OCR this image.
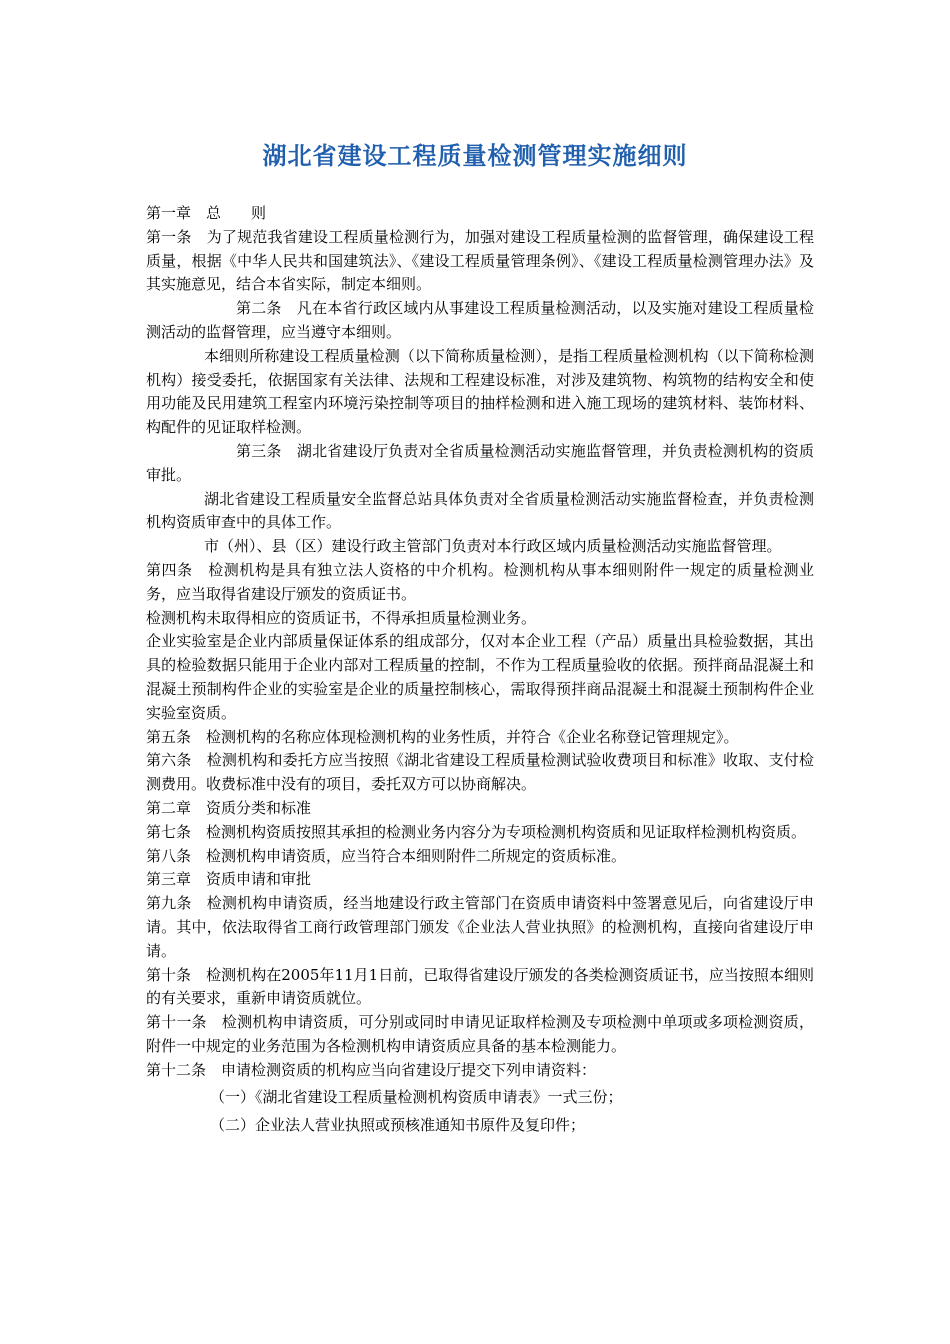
湖北省建设工程质量检测管理实施细则

第一章　总　　则

第一条　为了规范我省建设工程质量检测行为，加强对建设工程质量检测的监督管理，确保建设工程质量，根据《中华人民共和国建筑法》、《建设工程质量管理条例》、《建设工程质量检测管理办法》及其实施意见，结合本省实际，制定本细则。

第二条　凡在本省行政区域内从事建设工程质量检测活动，以及实施对建设工程质量检测活动的监督管理，应当遵守本细则。

本细则所称建设工程质量检测（以下简称质量检测），是指工程质量检测机构（以下简称检测机构）接受委托，依据国家有关法律、法规和工程建设标准，对涉及建筑物、构筑物的结构安全和使用功能及民用建筑工程室内环境污染控制等项目的抽样检测和进入施工现场的建筑材料、装饰材料、构配件的见证取样检测。

第三条　湖北省建设厅负责对全省质量检测活动实施监督管理，并负责检测机构的资质审批。

湖北省建设工程质量安全监督总站具体负责对全省质量检测活动实施监督检查，并负责检测机构资质审查中的具体工作。

市（州）、县（区）建设行政主管部门负责对本行政区域内质量检测活动实施监督管理。

第四条　检测机构是具有独立法人资格的中介机构。检测机构从事本细则附件一规定的质量检测业务，应当取得省建设厅颁发的资质证书。

检测机构未取得相应的资质证书，不得承担质量检测业务。

企业实验室是企业内部质量保证体系的组成部分，仅对本企业工程（产品）质量出具检验数据，其出具的检验数据只能用于企业内部对工程质量的控制，不作为工程质量验收的依据。预拌商品混凝土和混凝土预制构件企业的实验室是企业的质量控制核心，需取得预拌商品混凝土和混凝土预制构件企业实验室资质。

第五条　检测机构的名称应体现检测机构的业务性质，并符合《企业名称登记管理规定》。

第六条　检测机构和委托方应当按照《湖北省建设工程质量检测试验收费项目和标准》收取、支付检测费用。收费标准中没有的项目，委托双方可以协商解决。

第二章　资质分类和标准

第七条　检测机构资质按照其承担的检测业务内容分为专项检测机构资质和见证取样检测机构资质。

第八条　检测机构申请资质，应当符合本细则附件二所规定的资质标准。

第三章　资质申请和审批

第九条　检测机构申请资质，经当地建设行政主管部门在资质申请资料中签署意见后，向省建设厅申请。其中，依法取得省工商行政管理部门颁发《企业法人营业执照》的检测机构，直接向省建设厅申请。

第十条　检测机构在2005年11月1日前，已取得省建设厅颁发的各类检测资质证书，应当按照本细则的有关要求，重新申请资质就位。

第十一条　检测机构申请资质，可分别或同时申请见证取样检测及专项检测中单项或多项检测资质，附件一中规定的业务范围为各检测机构申请资质应具备的基本检测能力。

第十二条　申请检测资质的机构应当向省建设厅提交下列申请资料：

（一）《湖北省建设工程质量检测机构资质申请表》一式三份；

（二）企业法人营业执照或预核准通知书原件及复印件；
